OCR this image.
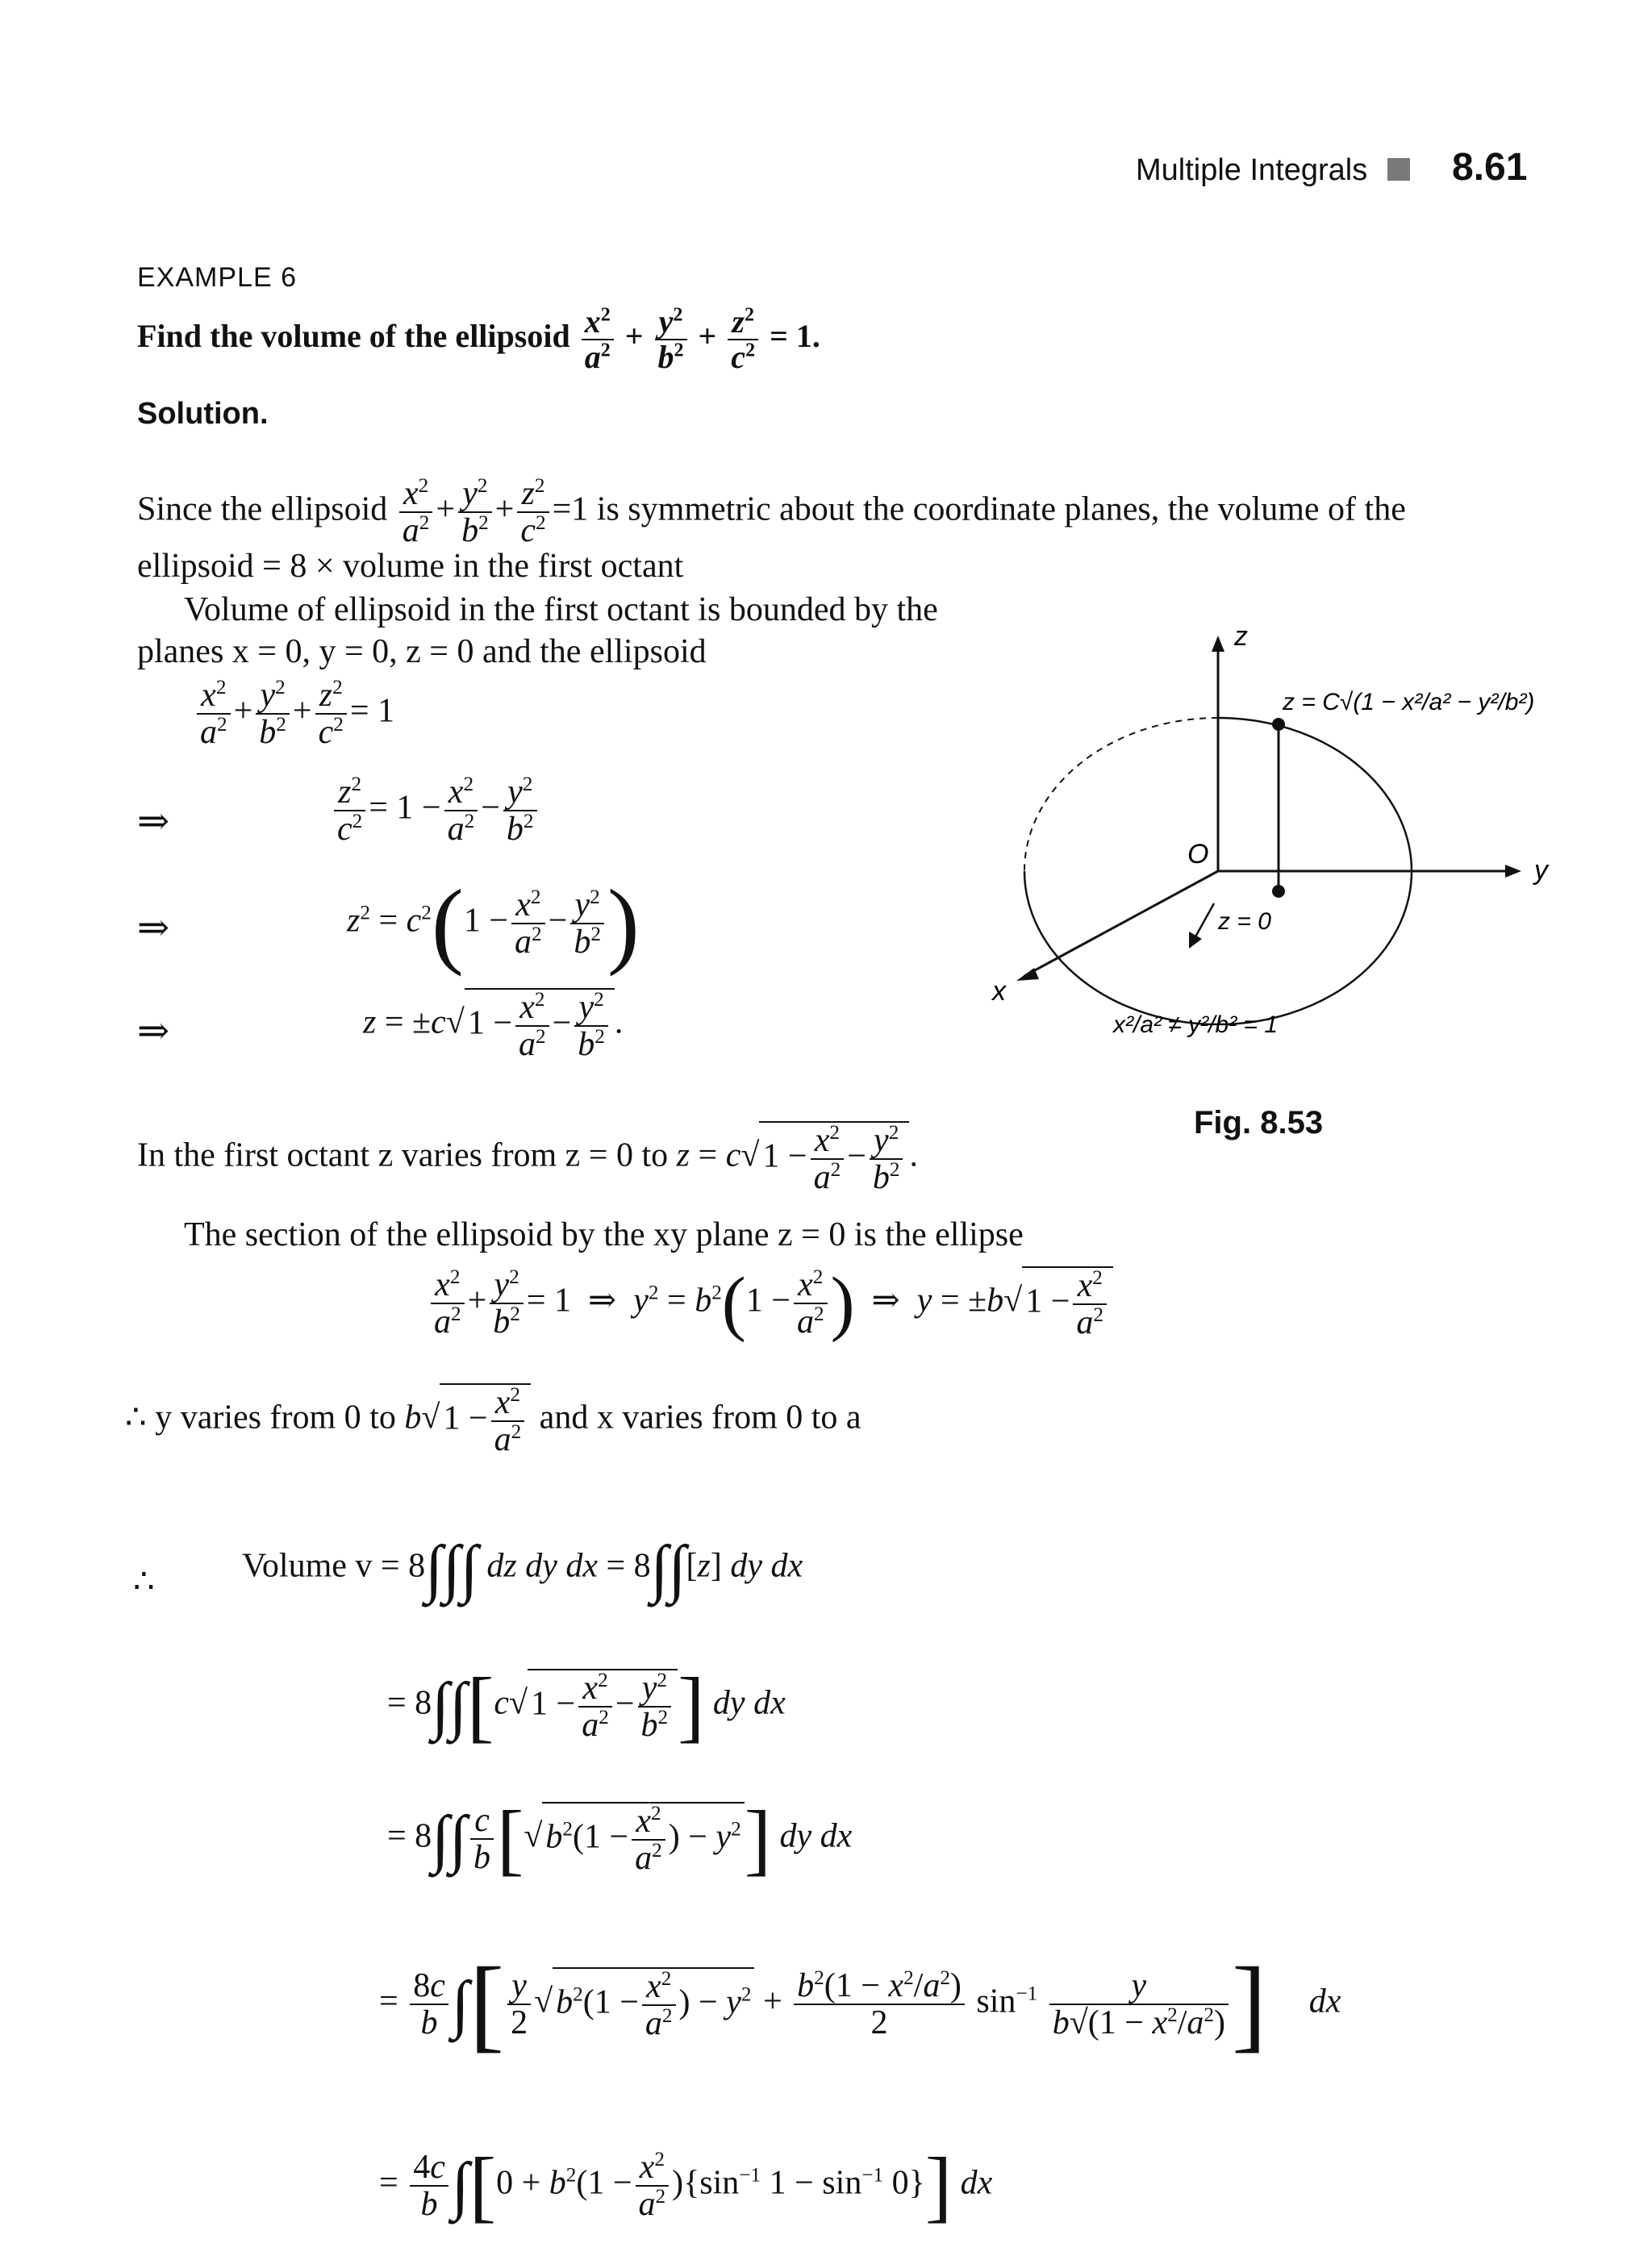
Multiple Integrals 8.61
EXAMPLE 6
Find the volume of the ellipsoid $\frac{x^2}{a^2} + \frac{y^2}{b^2} + \frac{z^2}{c^2} = 1$.
Solution.
Since the ellipsoid $\frac{x^2}{a^2} + \frac{y^2}{b^2} + \frac{z^2}{c^2} =1$ is symmetric about the coordinate planes, the volume of the
ellipsoid = 8 × volume in the first octant
Volume of ellipsoid in the first octant is bounded by the
planes x = 0, y = 0, z = 0 and the ellipsoid
$\frac{x^2}{a^2} + \frac{y^2}{b^2} + \frac{z^2}{c^2} = 1$
⇒	$\frac{z^2}{c^2} = 1 - \frac{x^2}{a^2} - \frac{y^2}{b^2}$
⇒	$z^2 = c^2(1 - \frac{x^2}{a^2} - \frac{y^2}{b^2}$ )
⇒	$z = \pm c√1 - \frac{x^2}{a^2} - \frac{y^2}{b^2}$ .
z
y
x
O
z = C√(1 − x²/a² − y²/b²)
z = 0
x²/a² ≠ y²/b² = 1
Fig. 8.53
In the first octant z varies from z = 0 to $z = c√1 - \frac{x^2}{a^2} - \frac{y^2}{b^2}$ .
The section of the ellipsoid by the xy plane z = 0 is the ellipse
$\frac{x^2}{a^2} + \frac{y^2}{b^2} = 1$  ⇒  $y^2 = b^2(1 - \frac{x^2}{a^2}$ )  ⇒  $y = \pm b√1 - \frac{x^2}{a^2}$
∴ y varies from 0 to $b√1 - \frac{x^2}{a^2}$ and x varies from 0 to a
∴	Volume v = 8∫∫∫ dz dy dx = 8∫∫[z] dy dx
= $8\int\int[c√1 - \frac{x^2}{a^2} - \frac{y^2}{b^2}$ ] dy dx
= $8\int\int \frac{c}{b} [√b^2(1 - \frac{x^2}{a^2}$ ) − $y^2$] dy dx
= $\frac{8c}{b}$ ∫[ $\frac{y}{2} √b^2(1 - \frac{x^2}{a^2}$ ) − $y^2 + \frac{b^2(1 - x^2/a^2)}{2} \sin^{-1} \frac{y}{b√(1 - x^2/a^2)}$ ] dx
= $\frac{4c}{b} \int[0 + b^2(1 - \frac{x^2}{a^2} )\{\sin^{-1}$ $1 - \sin^{-1} 0$}] dx
